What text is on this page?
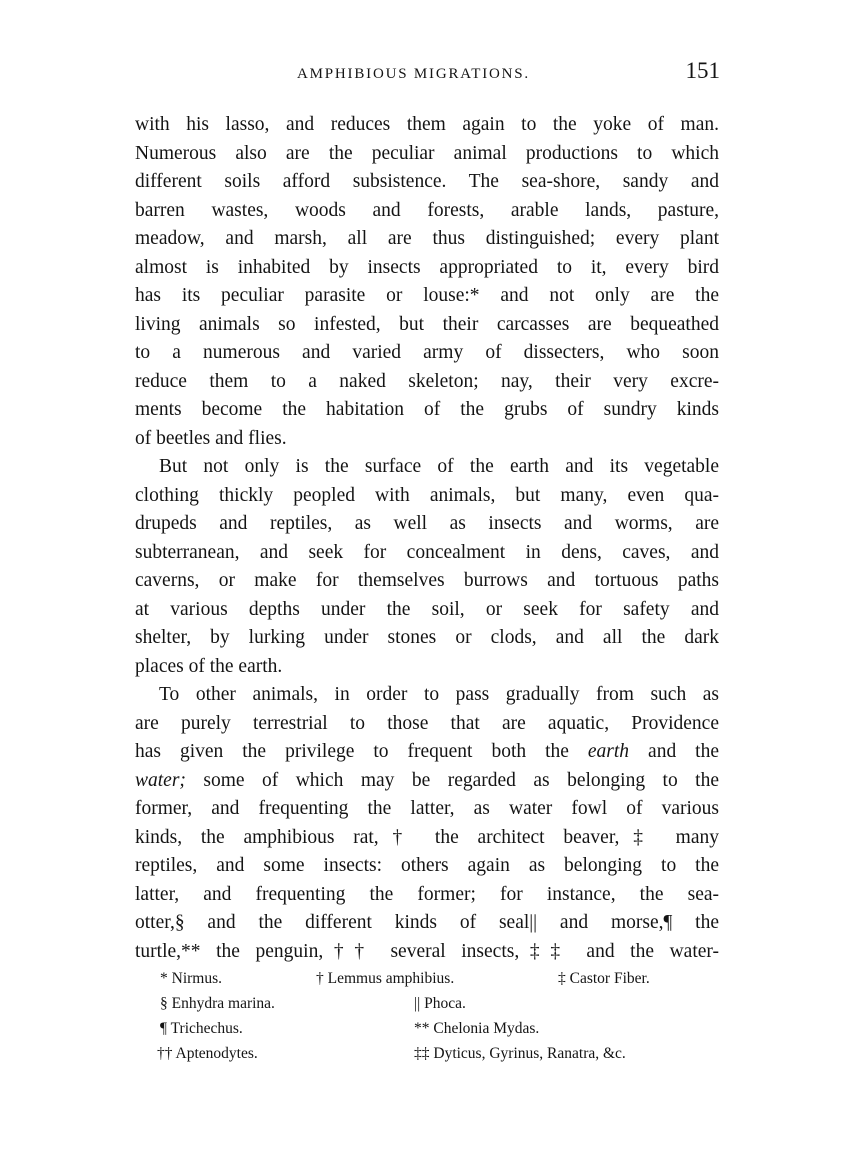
AMPHIBIOUS MIGRATIONS.	151
with his lasso, and reduces them again to the yoke of man.
Numerous also are the peculiar animal productions to which
different soils afford subsistence. The sea-shore, sandy and
barren wastes, woods and forests, arable lands, pasture,
meadow, and marsh, all are thus distinguished; every plant
almost is inhabited by insects appropriated to it, every bird
has its peculiar parasite or louse:* and not only are the
living animals so infested, but their carcasses are bequeathed
to a numerous and varied army of dissecters, who soon
reduce them to a naked skeleton; nay, their very excre-
ments become the habitation of the grubs of sundry kinds
of beetles and flies.
But not only is the surface of the earth and its vegetable
clothing thickly peopled with animals, but many, even qua-
drupeds and reptiles, as well as insects and worms, are
subterranean, and seek for concealment in dens, caves, and
caverns, or make for themselves burrows and tortuous paths
at various depths under the soil, or seek for safety and
shelter, by lurking under stones or clods, and all the dark
places of the earth.
To other animals, in order to pass gradually from such as
are purely terrestrial to those that are aquatic, Providence
has given the privilege to frequent both the earth and the
water; some of which may be regarded as belonging to the
former, and frequenting the latter, as water fowl of various
kinds, the amphibious rat,† the architect beaver,‡ many
reptiles, and some insects: others again as belonging to the
latter, and frequenting the former; for instance, the sea-
otter,§ and the different kinds of seal|| and morse,¶ the
turtle,** the penguin,†† several insects,‡‡ and the water-
* Nirmus.	† Lemmus amphibius.	‡ Castor Fiber.
§ Enhydra marina.	|| Phoca.
¶ Trichechus.	** Chelonia Mydas.
†† Aptenodytes.	‡‡ Dyticus, Gyrinus, Ranatra, &c.
